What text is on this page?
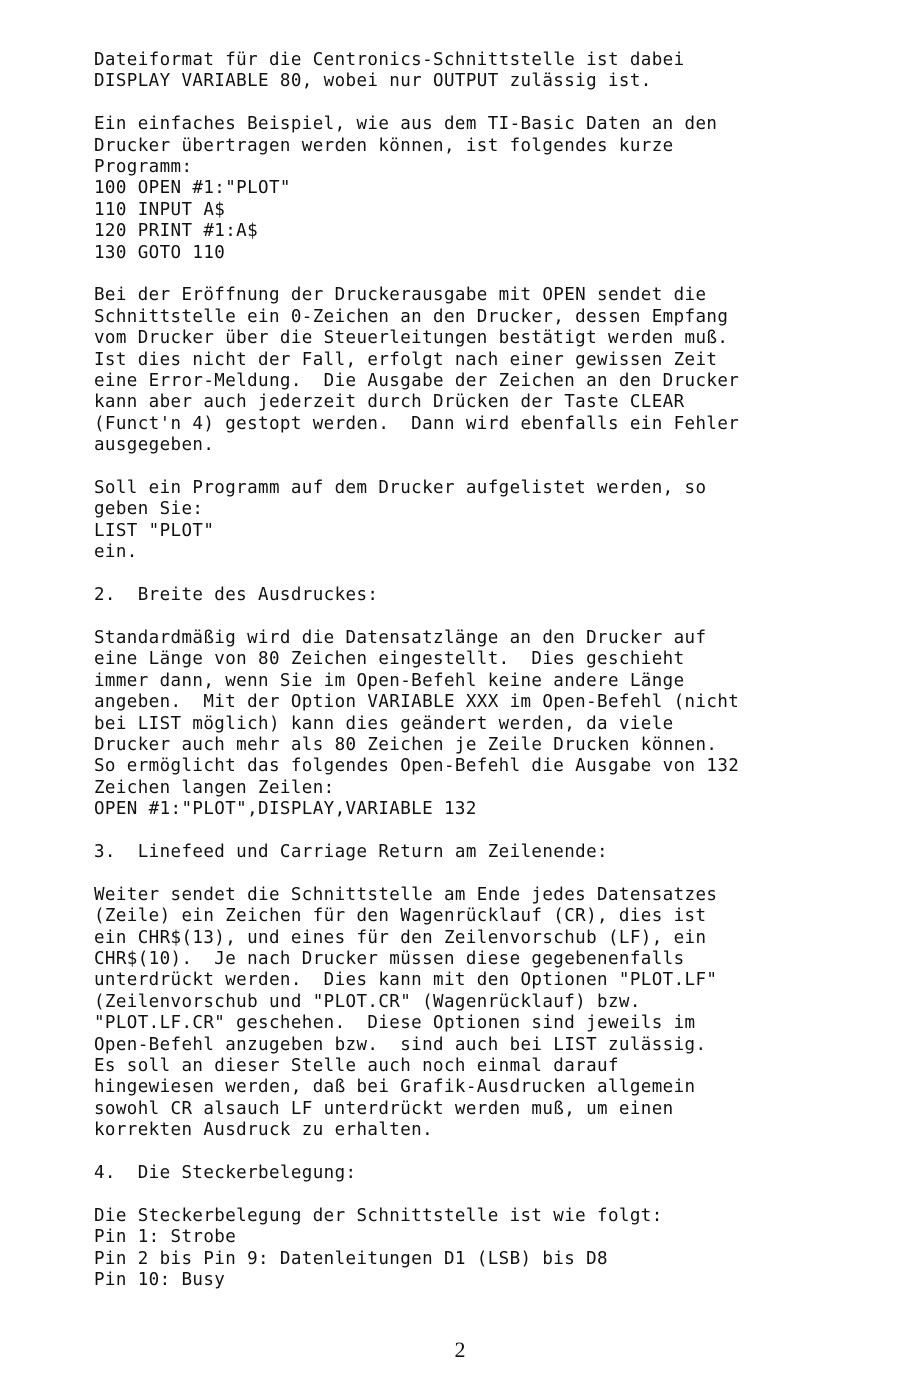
Dateiformat für die Centronics-Schnittstelle ist dabei
DISPLAY VARIABLE 80, wobei nur OUTPUT zulässig ist.
Ein einfaches Beispiel, wie aus dem TI-Basic Daten an den
Drucker übertragen werden können, ist folgendes kurze
Programm:
100 OPEN #1:"PLOT"
110 INPUT A$
120 PRINT #1:A$
130 GOTO 110
Bei der Eröffnung der Druckerausgabe mit OPEN sendet die
Schnittstelle ein 0-Zeichen an den Drucker, dessen Empfang
vom Drucker über die Steuerleitungen bestätigt werden muß.
Ist dies nicht der Fall, erfolgt nach einer gewissen Zeit
eine Error-Meldung.  Die Ausgabe der Zeichen an den Drucker
kann aber auch jederzeit durch Drücken der Taste CLEAR
(Funct'n 4) gestopt werden.  Dann wird ebenfalls ein Fehler
ausgegeben.
Soll ein Programm auf dem Drucker aufgelistet werden, so
geben Sie:
LIST "PLOT"
ein.
2.  Breite des Ausdruckes:
Standardmäßig wird die Datensatzlänge an den Drucker auf
eine Länge von 80 Zeichen eingestellt.  Dies geschieht
immer dann, wenn Sie im Open-Befehl keine andere Länge
angeben.  Mit der Option VARIABLE XXX im Open-Befehl (nicht
bei LIST möglich) kann dies geändert werden, da viele
Drucker auch mehr als 80 Zeichen je Zeile Drucken können.
So ermöglicht das folgendes Open-Befehl die Ausgabe von 132
Zeichen langen Zeilen:
OPEN #1:"PLOT",DISPLAY,VARIABLE 132
3.  Linefeed und Carriage Return am Zeilenende:
Weiter sendet die Schnittstelle am Ende jedes Datensatzes
(Zeile) ein Zeichen für den Wagenrücklauf (CR), dies ist
ein CHR$(13), und eines für den Zeilenvorschub (LF), ein
CHR$(10).  Je nach Drucker müssen diese gegebenenfalls
unterdrückt werden.  Dies kann mit den Optionen "PLOT.LF"
(Zeilenvorschub und "PLOT.CR" (Wagenrücklauf) bzw.
"PLOT.LF.CR" geschehen.  Diese Optionen sind jeweils im
Open-Befehl anzugeben bzw.  sind auch bei LIST zulässig.
Es soll an dieser Stelle auch noch einmal darauf
hingewiesen werden, daß bei Grafik-Ausdrucken allgemein
sowohl CR alsauch LF unterdrückt werden muß, um einen
korrekten Ausdruck zu erhalten.
4.  Die Steckerbelegung:
Die Steckerbelegung der Schnittstelle ist wie folgt:
Pin 1: Strobe
Pin 2 bis Pin 9: Datenleitungen D1 (LSB) bis D8
Pin 10: Busy
2
